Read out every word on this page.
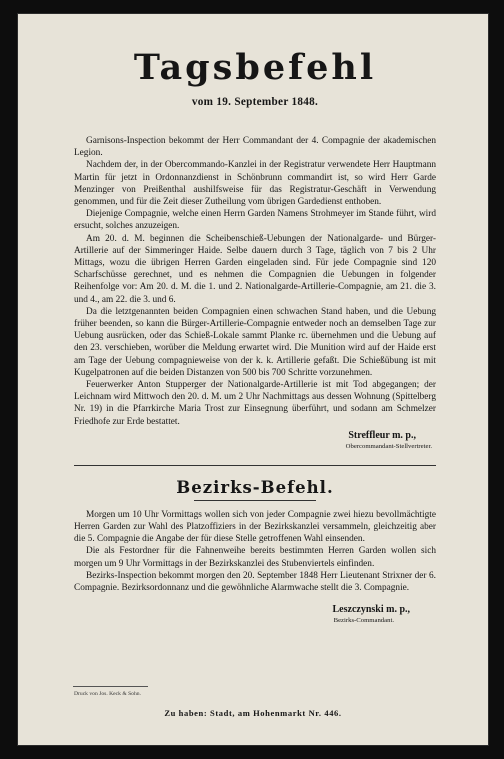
Tagsbefehl
vom 19. September 1848.

Garnisons-Inspection bekommt der Herr Commandant der 4. Compagnie der akademischen Legion.

Nachdem der, in der Obercommando-Kanzlei in der Registratur verwendete Herr Hauptmann Martin für jetzt in Ordonnanzdienst in Schönbrunn commandirt ist, so wird Herr Garde Menzinger von Preißenthal aushilfsweise für das Registratur-Geschäft in Verwendung genommen, und für die Zeit dieser Zutheilung vom übrigen Gardedienst enthoben.

Diejenige Compagnie, welche einen Herrn Garden Namens Strohmeyer im Stande führt, wird ersucht, solches anzuzeigen.

Am 20. d. M. beginnen die Scheibenschieß-Uebungen der Nationalgarde- und Bürger-Artillerie auf der Simmeringer Haide. Selbe dauern durch 3 Tage, täglich von 7 bis 2 Uhr Mittags, wozu die übrigen Herren Garden eingeladen sind. Für jede Compagnie sind 120 Scharfschüsse gerechnet, und es nehmen die Compagnien die Uebungen in folgender Reihenfolge vor: Am 20. d. M. die 1. und 2. Nationalgarde-Artillerie-Compagnie, am 21. die 3. und 4., am 22. die 3. und 6.

Da die letztgenannten beiden Compagnien einen schwachen Stand haben, und die Uebung früher beenden, so kann die Bürger-Artillerie-Compagnie entweder noch an demselben Tage zur Uebung ausrücken, oder das Schieß-Lokale sammt Planke rc. übernehmen und die Uebung auf den 23. verschieben, worüber die Meldung erwartet wird. Die Munition wird auf der Haide erst am Tage der Uebung compagnieweise von der k. k. Artillerie gefaßt. Die Schießübung ist mit Kugelpatronen auf die beiden Distanzen von 500 bis 700 Schritte vorzunehmen.

Feuerwerker Anton Stupperger der Nationalgarde-Artillerie ist mit Tod abgegangen; der Leichnam wird Mittwoch den 20. d. M. um 2 Uhr Nachmittags aus dessen Wohnung (Spittelberg Nr. 19) in die Pfarrkirche Maria Trost zur Einsegnung überführt, und sodann am Schmelzer Friedhofe zur Erde bestattet.

Streffleur m. p.,
Obercommandant-Stellvertreter.
Bezirks-Befehl.

Morgen um 10 Uhr Vormittags wollen sich von jeder Compagnie zwei hiezu bevollmächtigte Herren Garden zur Wahl des Platzoffiziers in der Bezirkskanzlei versammeln, gleichzeitig aber die 5. Compagnie die Angabe der für diese Stelle getroffenen Wahl einsenden.

Die als Festordner für die Fahnenweihe bereits bestimmten Herren Garden wollen sich morgen um 9 Uhr Vormittags in der Bezirkskanzlei des Stubenviertels einfinden.

Bezirks-Inspection bekommt morgen den 20. September 1848 Herr Lieutenant Strixner der 6. Compagnie. Bezirksordonnanz und die gewöhnliche Alarmwache stellt die 3. Compagnie.

Leszczynski m. p.,
Bezirks-Commandant.
Druck von Jos. Keck & Sohn.
Zu haben: Stadt, am Hohenmarkt Nr. 446.
